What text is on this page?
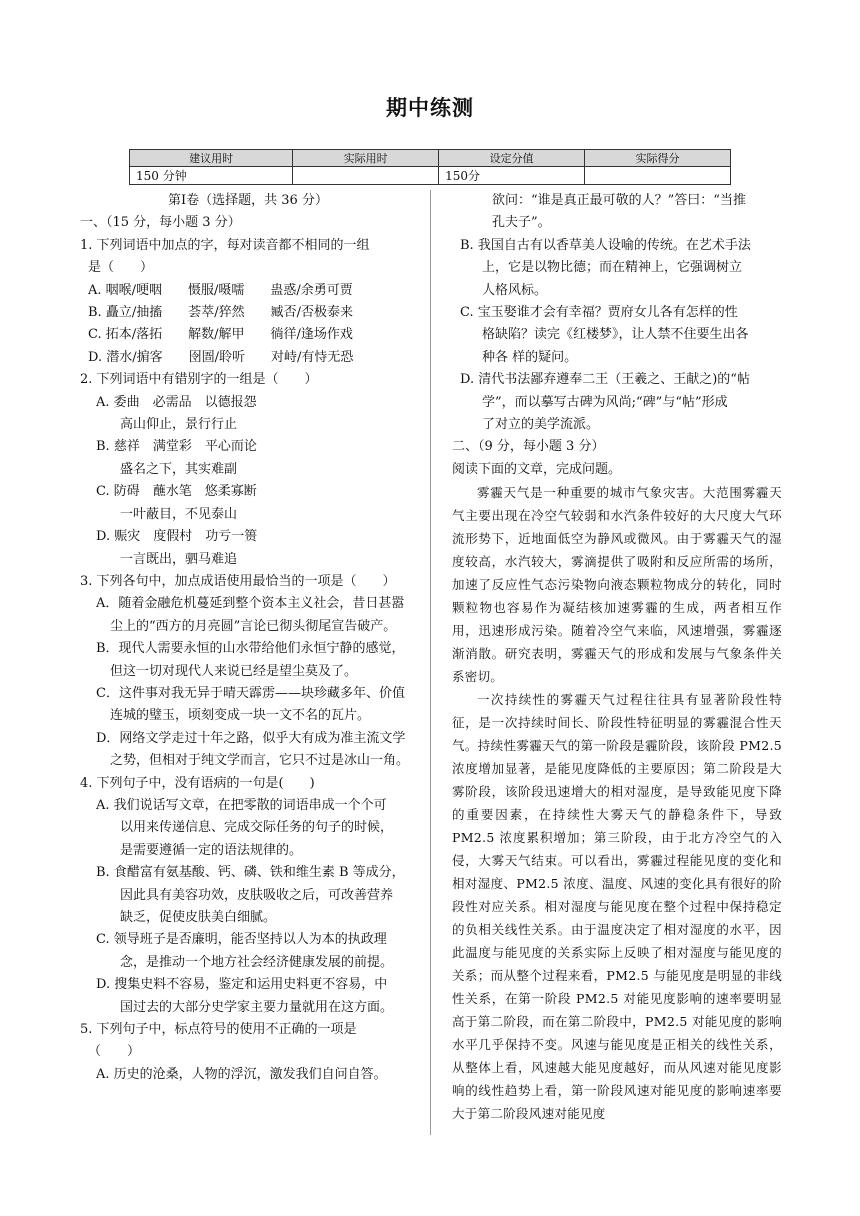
期中练测
建议用时	实际用时	设定分值	实际得分
150 分钟		150分	
第Ⅰ卷（选择题，共 36 分）
一、（15 分，每小题 3 分）
1. 下列词语中加点的字，每对读音都不相同的一组
是（　　）
A. 咽喉/哽咽　　慑服/嗫嚅　　蛊惑/余勇可贾
B. 矗立/抽搐　　荟萃/猝然　　臧否/否极泰来
C. 拓本/落拓　　解数/解甲　　徜徉/逢场作戏
D. 潜水/掮客　　囹圄/聆听　　对峙/有恃无恐
2. 下列词语中有错别字的一组是（　　）
A. 委曲　必需品　以德报怨
高山仰止，景行行止
B. 慈祥　满堂彩　平心而论
盛名之下，其实难副
C. 防碍　蘸水笔　悠柔寡断
一叶蔽目，不见泰山
D. 赈灾　度假村　功亏一篑
一言既出，驷马难追
3. 下列各句中，加点成语使用最恰当的一项是（　　）
A．随着金融危机蔓延到整个资本主义社会，昔日甚嚣
尘上的“西方的月亮圆”言论已彻头彻尾宣告破产。
B．现代人需要永恒的山水带给他们永恒宁静的感觉，
但这一切对现代人来说已经是望尘莫及了。
C．这件事对我无异于晴天霹雳——块珍藏多年、价值
连城的璧玉，顷刻变成一块一文不名的瓦片。
D．网络文学走过十年之路，似乎大有成为准主流文学
之势，但相对于纯文学而言，它只不过是冰山一角。
4. 下列句子中，没有语病的一句是(　　)
A. 我们说话写文章，在把零散的词语串成一个个可
以用来传递信息、完成交际任务的句子的时候，
是需要遵循一定的语法规律的。
B. 食醋富有氨基酸、钙、磷、铁和维生素 B 等成分，
因此具有美容功效，皮肤吸收之后，可改善营养
缺乏，促使皮肤美白细腻。
C. 领导班子是否廉明，能否坚持以人为本的执政理
念，是推动一个地方社会经济健康发展的前提。
D. 搜集史料不容易，鉴定和运用史料更不容易，中
国过去的大部分史学家主要力量就用在这方面。
5. 下列句子中，标点符号的使用不正确的一项是
（　　）
A. 历史的沧桑，人物的浮沉，激发我们自问自答。
欲问：“谁是真正最可敬的人？”答曰：“当推
孔夫子”。
B. 我国自古有以香草美人设喻的传统。在艺术手法
上，它是以物比德；而在精神上，它强调树立
人格风标。
C. 宝玉娶谁才会有幸福？贾府女儿各有怎样的性
格缺陷？读完《红楼梦》，让人禁不住要生出各
种各 样的疑问。
D. 清代书法鄙弃遵奉二王（王羲之、王献之)的“帖
学”，而以摹写古碑为风尚;“碑”与“帖”形成
了对立的美学流派。
二、（9 分，每小题 3 分）
阅读下面的文章，完成问题。
雾霾天气是一种重要的城市气象灾害。大范围雾霾天气主要出现在冷空气较弱和水汽条件较好的大尺度大气环流形势下，近地面低空为静风或微风。由于雾霾天气的湿度较高，水汽较大，雾滴提供了吸附和反应所需的场所，加速了反应性气态污染物向液态颗粒物成分的转化，同时颗粒物也容易作为凝结核加速雾霾的生成，两者相互作用，迅速形成污染。随着冷空气来临，风速增强，雾霾逐渐消散。研究表明，雾霾天气的形成和发展与气象条件关系密切。
一次持续性的雾霾天气过程往往具有显著阶段性特征，是一次持续时间长、阶段性特征明显的雾霾混合性天气。持续性雾霾天气的第一阶段是霾阶段，该阶段 PM2.5 浓度增加显著，是能见度降低的主要原因；第二阶段是大雾阶段，该阶段迅速增大的相对湿度，是导致能见度下降的重要因素，在持续性大雾天气的静稳条件下，导致 PM2.5 浓度累积增加；第三阶段，由于北方冷空气的入侵，大雾天气结束。可以看出，雾霾过程能见度的变化和相对湿度、PM2.5 浓度、温度、风速的变化具有很好的阶段性对应关系。相对湿度与能见度在整个过程中保持稳定的负相关线性关系。由于温度决定了相对湿度的水平，因此温度与能见度的关系实际上反映了相对湿度与能见度的关系；而从整个过程来看，PM2.5 与能见度是明显的非线性关系，在第一阶段 PM2.5 对能见度影响的速率要明显高于第二阶段，而在第二阶段中，PM2.5 对能见度的影响水平几乎保持不变。风速与能见度是正相关的线性关系，从整体上看，风速越大能见度越好，而从风速对能见度影响的线性趋势上看，第一阶段风速对能见度的影响速率要大于第二阶段风速对能见度
